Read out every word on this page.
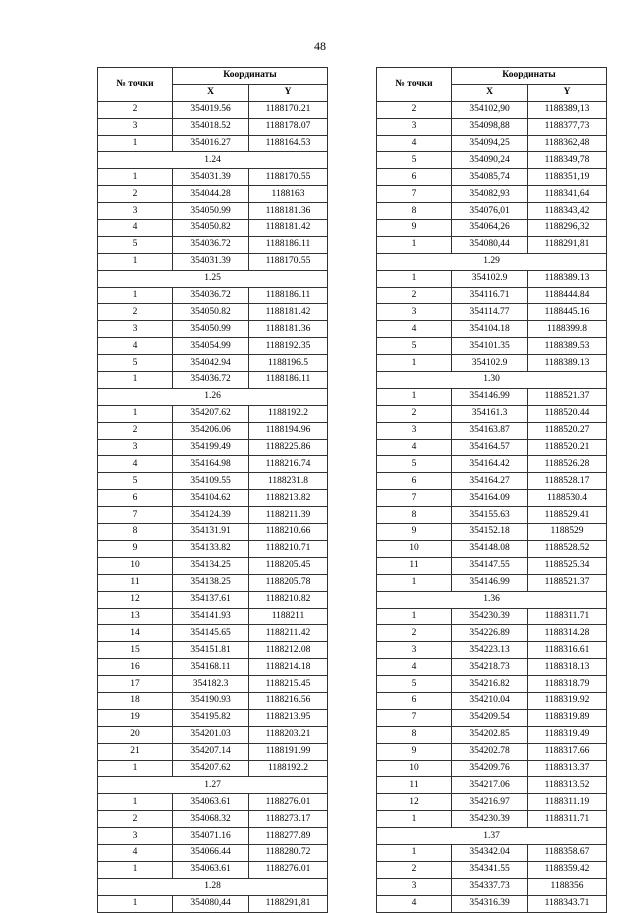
48
№ точки	Координаты	
	X	Y
2	354019.56	1188170.21
3	354018.52	1188178.07
1	354016.27	1188164.53
1.24		
1	354031.39	1188170.55
2	354044.28	1188163
3	354050.99	1188181.36
4	354050.82	1188181.42
5	354036.72	1188186.11
1	354031.39	1188170.55
1.25		
1	354036.72	1188186.11
2	354050.82	1188181.42
3	354050.99	1188181.36
4	354054.99	1188192.35
5	354042.94	1188196.5
1	354036.72	1188186.11
1.26		
1	354207.62	1188192.2
2	354206.06	1188194.96
3	354199.49	1188225.86
4	354164.98	1188216.74
5	354109.55	1188231.8
6	354104.62	1188213.82
7	354124.39	1188211.39
8	354131.91	1188210.66
9	354133.82	1188210.71
10	354134.25	1188205.45
11	354138.25	1188205.78
12	354137.61	1188210.82
13	354141.93	1188211
14	354145.65	1188211.42
15	354151.81	1188212.08
16	354168.11	1188214.18
17	354182.3	1188215.45
18	354190.93	1188216.56
19	354195.82	1188213.95
20	354201.03	1188203.21
21	354207.14	1188191.99
1	354207.62	1188192.2
1.27		
1	354063.61	1188276.01
2	354068.32	1188273.17
3	354071.16	1188277.89
4	354066.44	1188280.72
1	354063.61	1188276.01
1.28		
1	354080,44	1188291,81
№ точки	Координаты	
	X	Y
2	354102,90	1188389,13
3	354098,88	1188377,73
4	354094,25	1188362,48
5	354090,24	1188349,78
6	354085,74	1188351,19
7	354082,93	1188341,64
8	354076,01	1188343,42
9	354064,26	1188296,32
1	354080,44	1188291,81
1.29		
1	354102.9	1188389.13
2	354116.71	1188444.84
3	354114.77	1188445.16
4	354104.18	1188399.8
5	354101.35	1188389.53
1	354102.9	1188389.13
1.30		
1	354146.99	1188521.37
2	354161.3	1188520.44
3	354163.87	1188520.27
4	354164.57	1188520.21
5	354164.42	1188526.28
6	354164.27	1188528.17
7	354164.09	1188530.4
8	354155.63	1188529.41
9	354152.18	1188529
10	354148.08	1188528.52
11	354147.55	1188525.34
1	354146.99	1188521.37
1.36		
1	354230.39	1188311.71
2	354226.89	1188314.28
3	354223.13	1188316.61
4	354218.73	1188318.13
5	354216.82	1188318.79
6	354210.04	1188319.92
7	354209.54	1188319.89
8	354202.85	1188319.49
9	354202.78	1188317.66
10	354209.76	1188313.37
11	354217.06	1188313.52
12	354216.97	1188311.19
1	354230.39	1188311.71
1.37		
1	354342.04	1188358.67
2	354341.55	1188359.42
3	354337.73	1188356
4	354316.39	1188343.71
